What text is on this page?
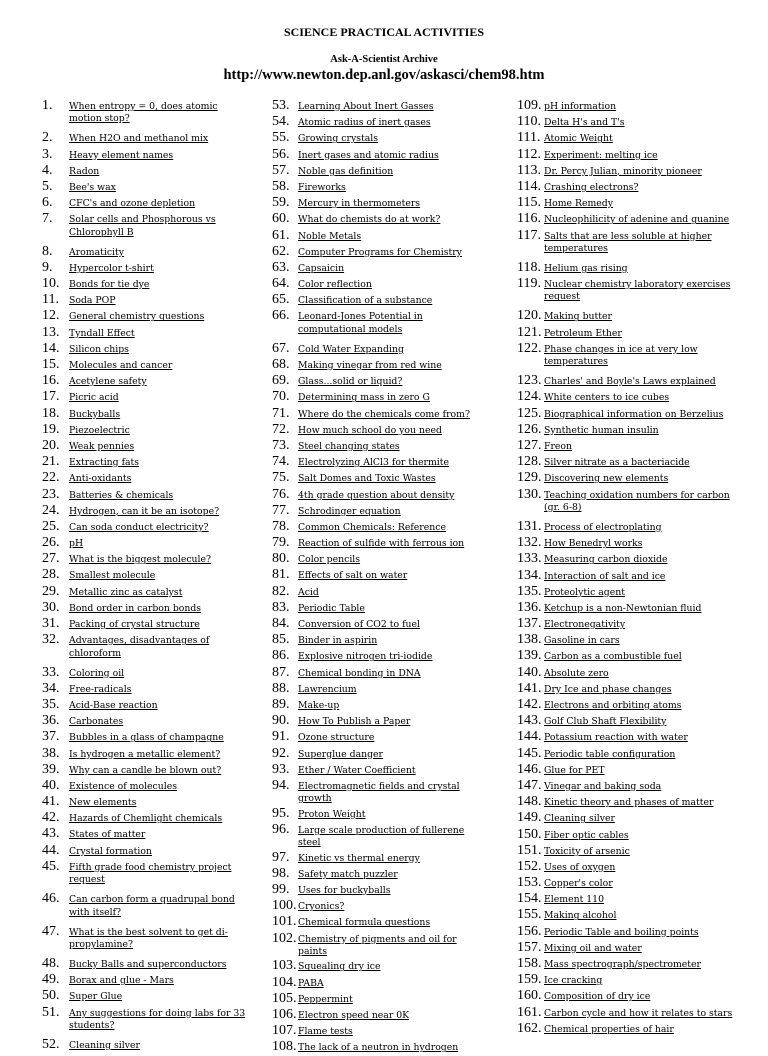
SCIENCE PRACTICAL ACTIVITIES
Ask-A-Scientist Archive
http://www.newton.dep.anl.gov/askasci/chem98.htm
1. When entropy = 0, does atomic motion stop?
2. When H2O and methanol mix
3. Heavy element names
4. Radon
5. Bee's wax
6. CFC's and ozone depletion
7. Solar cells and Phosphorous vs Chlorophyll B
8. Aromaticity
9. Hypercolor t-shirt
10. Bonds for tie dye
11. Soda POP
12. General chemistry questions
13. Tyndall Effect
14. Silicon chips
15. Molecules and cancer
16. Acetylene safety
17. Picric acid
18. Buckyballs
19. Piezoelectric
20. Weak pennies
21. Extracting fats
22. Anti-oxidants
23. Batteries & chemicals
24. Hydrogen, can it be an isotope?
25. Can soda conduct electricity?
26. pH
27. What is the biggest molecule?
28. Smallest molecule
29. Metallic zinc as catalyst
30. Bond order in carbon bonds
31. Packing of crystal structure
32. Advantages, disadvantages of chloroform
33. Coloring oil
34. Free-radicals
35. Acid-Base reaction
36. Carbonates
37. Bubbles in a glass of champagne
38. Is hydrogen a metallic element?
39. Why can a candle be blown out?
40. Existence of molecules
41. New elements
42. Hazards of Chemlight chemicals
43. States of matter
44. Crystal formation
45. Fifth grade food chemistry project request
46. Can carbon form a quadrupal bond with itself?
47. What is the best solvent to get di-propylamine?
48. Bucky Balls and superconductors
49. Borax and glue - Mars
50. Super Glue
51. Any suggestions for doing labs for 33 students?
52. Cleaning silver
53. Learning About Inert Gasses
54. Atomic radius of inert gases
55. Growing crystals
56. Inert gases and atomic radius
57. Noble gas definition
58. Fireworks
59. Mercury in thermometers
60. What do chemists do at work?
61. Noble Metals
62. Computer Programs for Chemistry
63. Capsaicin
64. Color reflection
65. Classification of a substance
66. Leonard-Jones Potential in computational models
67. Cold Water Expanding
68. Making vinegar from red wine
69. Glass...solid or liquid?
70. Determining mass in zero G
71. Where do the chemicals come from?
72. How much school do you need
73. Steel changing states
74. Electrolyzing AlCl3 for thermite
75. Salt Domes and Toxic Wastes
76. 4th grade question about density
77. Schrodinger equation
78. Common Chemicals: Reference
79. Reaction of sulfide with ferrous ion
80. Color pencils
81. Effects of salt on water
82. Acid
83. Periodic Table
84. Conversion of CO2 to fuel
85. Binder in aspirin
86. Explosive nitrogen tri-iodide
87. Chemical bonding in DNA
88. Lawrencium
89. Make-up
90. How To Publish a Paper
91. Ozone structure
92. Superglue danger
93. Ether / Water Coefficient
94. Electromagnetic fields and crystal growth
95. Proton Weight
96. Large scale production of fullerene steel
97. Kinetic vs thermal energy
98. Safety match puzzler
99. Uses for buckyballs
100. Cryonics?
101. Chemical formula questions
102. Chemistry of pigments and oil for paints
103. Squealing dry ice
104. PABA
105. Peppermint
106. Electron speed near 0K
107. Flame tests
108. The lack of a neutron in hydrogen
109. pH information
110. Delta H's and T's
111. Atomic Weight
112. Experiment: melting ice
113. Dr. Percy Julian, minority pioneer
114. Crashing electrons?
115. Home Remedy
116. Nucleophilicity of adenine and guanine
117. Salts that are less soluble at higher temperatures
118. Helium gas rising
119. Nuclear chemistry laboratory exercises request
120. Making butter
121. Petroleum Ether
122. Phase changes in ice at very low temperatures
123. Charles' and Boyle's Laws explained
124. White centers to ice cubes
125. Biographical information on Berzelius
126. Synthetic human insulin
127. Freon
128. Silver nitrate as a bacteriacide
129. Discovering new elements
130. Teaching oxidation numbers for carbon (gr. 6-8)
131. Process of electroplating
132. How Benedryl works
133. Measuring carbon dioxide
134. Interaction of salt and ice
135. Proteolytic agent
136. Ketchup is a non-Newtonian fluid
137. Electronegativity
138. Gasoline in cars
139. Carbon as a combustible fuel
140. Absolute zero
141. Dry Ice and phase changes
142. Electrons and orbiting atoms
143. Golf Club Shaft Flexibility
144. Potassium reaction with water
145. Periodic table configuration
146. Glue for PET
147. Vinegar and baking soda
148. Kinetic theory and phases of matter
149. Cleaning silver
150. Fiber optic cables
151. Toxicity of arsenic
152. Uses of oxygen
153. Copper's color
154. Element 110
155. Making alcohol
156. Periodic Table and boiling points
157. Mixing oil and water
158. Mass spectrograph/spectrometer
159. Ice cracking
160. Composition of dry ice
161. Carbon cycle and how it relates to stars
162. Chemical properties of hair
